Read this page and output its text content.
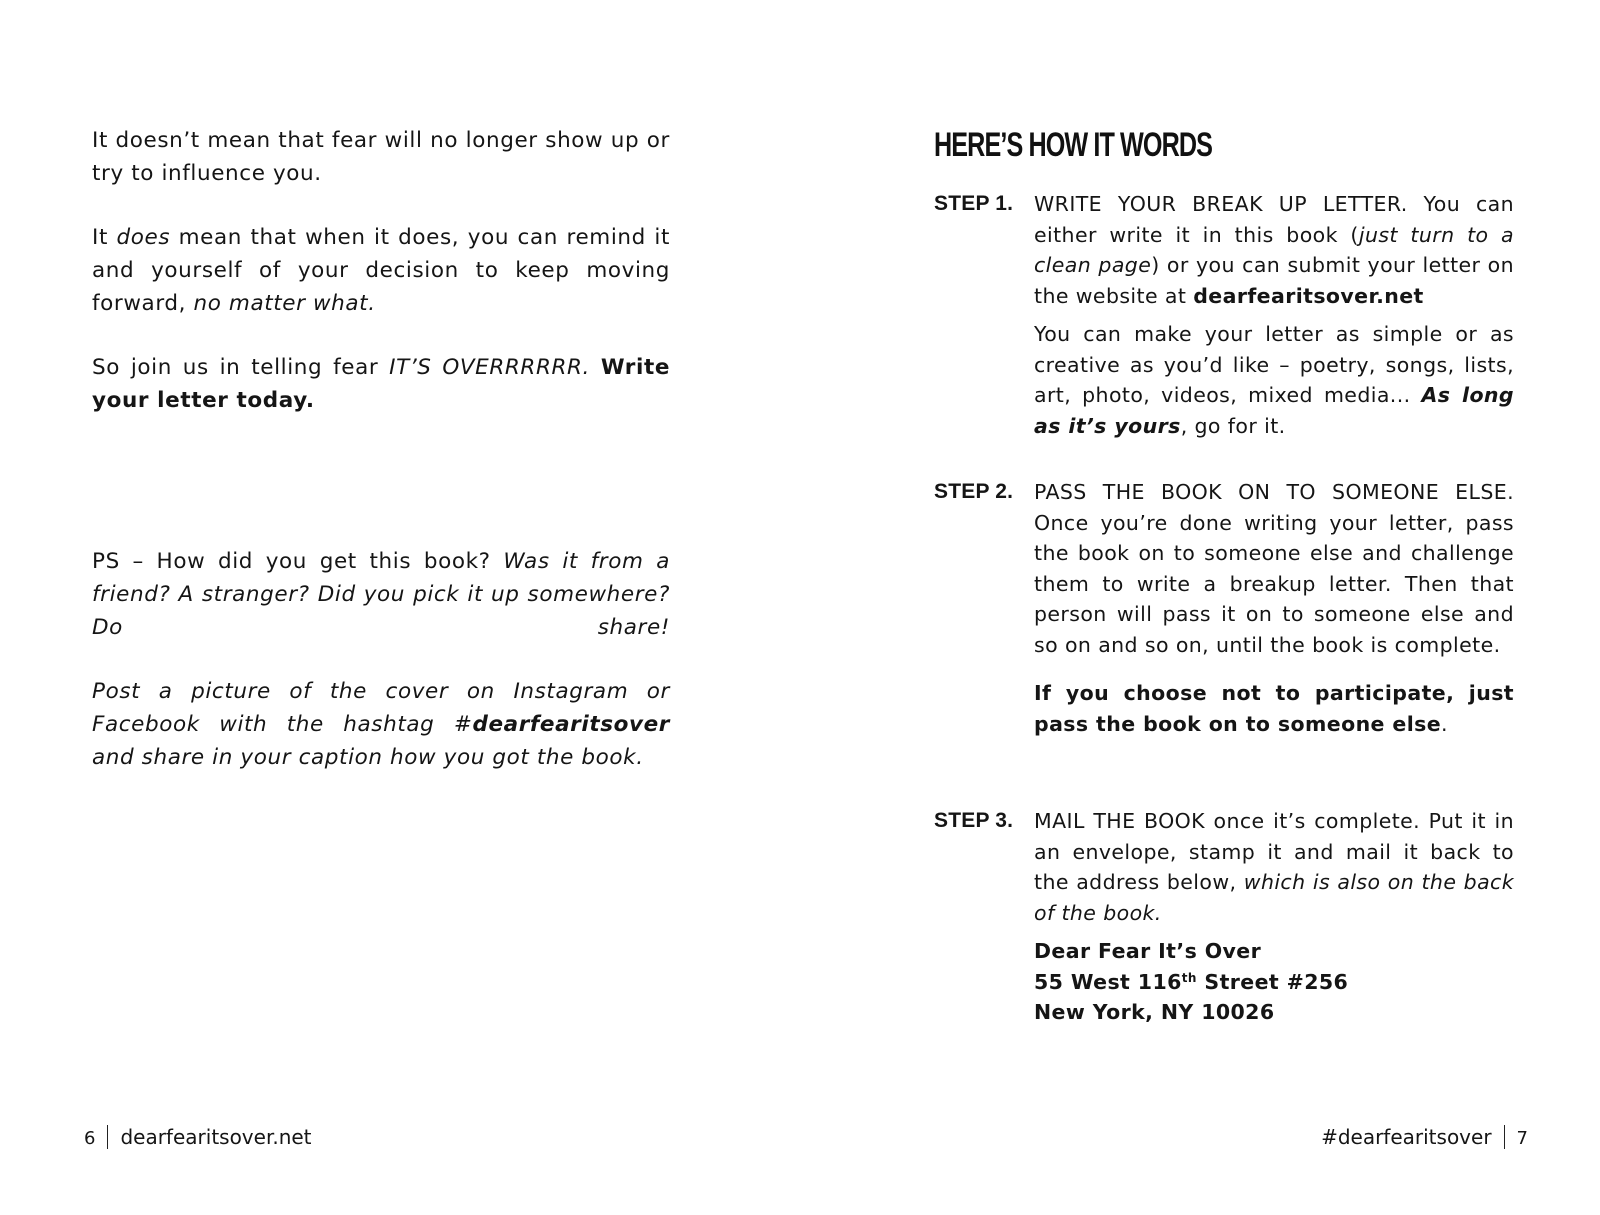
It doesn’t mean that fear will no longer show up or try to influence you.

It does mean that when it does, you can remind it and yourself of your decision to keep moving forward, no matter what.

So join us in telling fear IT’S OVERRRRRR. Write your letter today.

PS – How did you get this book? Was it from a friend? A stranger? Did you pick it up somewhere? Do share!

Post a picture of the cover on Instagram or Facebook with the hashtag #dearfearitsover and share in your caption how you got the book.

6 dearfearitsover.net
HERE’S HOW IT WORDS
STEP 1. WRITE YOUR BREAK UP LETTER. You can either write it in this book (just turn to a clean page) or you can submit your letter on the website at dearfearitsover.net

You can make your letter as simple or as creative as you’d like – poetry, songs, lists, art, photo, videos, mixed media... As long as it’s yours, go for it.

STEP 2. PASS THE BOOK ON TO SOMEONE ELSE. Once you’re done writing your letter, pass the book on to someone else and challenge them to write a breakup letter. Then that person will pass it on to someone else and so on and so on, until the book is complete.

If you choose not to participate, just pass the book on to someone else.

STEP 3. MAIL THE BOOK once it’s complete. Put it in an envelope, stamp it and mail it back to the address below, which is also on the back of the book.

Dear Fear It’s Over

55 West 116th Street #256

New York, NY 10026

#dearfearitsover 7
